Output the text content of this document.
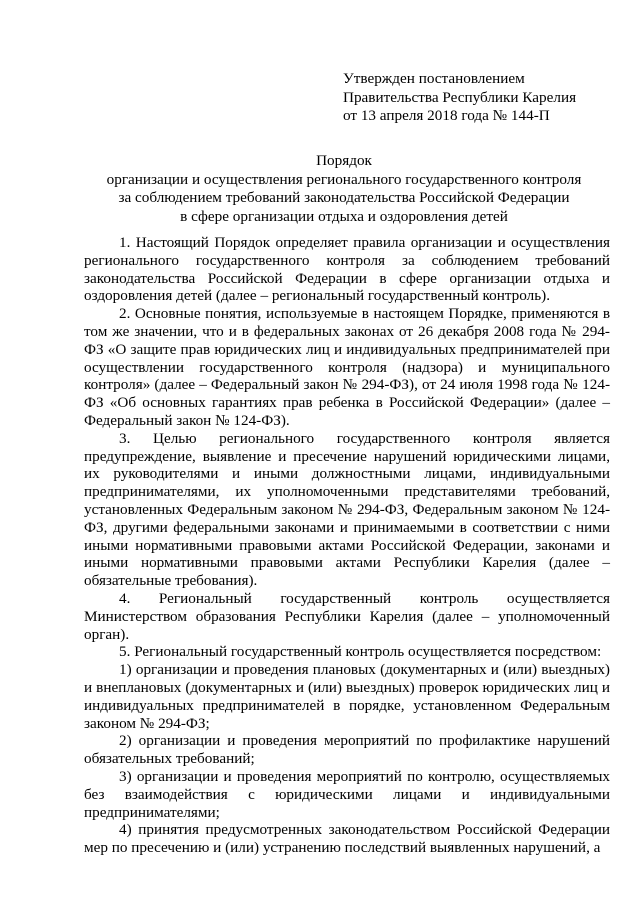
Утвержден постановлением
Правительства Республики Карелия
от 13 апреля 2018 года № 144-П
Порядок
организации и осуществления регионального государственного контроля
за соблюдением требований законодательства Российской Федерации
в сфере организации отдыха и оздоровления детей

1. Настоящий Порядок определяет правила организации и осуществления регионального государственного контроля за соблюдением требований законодательства Российской Федерации в сфере организации отдыха и оздоровления детей (далее – региональный государственный контроль).

2. Основные понятия, используемые в настоящем Порядке, применяются в том же значении, что и в федеральных законах от 26 декабря 2008 года № 294-ФЗ «О защите прав юридических лиц и индивидуальных предпринимателей при осуществлении государственного контроля (надзора) и муниципального контроля» (далее – Федеральный закон № 294-ФЗ), от 24 июля 1998 года № 124-ФЗ «Об основных гарантиях прав ребенка в Российской Федерации» (далее – Федеральный закон № 124-ФЗ).

3. Целью регионального государственного контроля является предупреждение, выявление и пресечение нарушений юридическими лицами, их руководителями и иными должностными лицами, индивидуальными предпринимателями, их уполномоченными представителями требований, установленных Федеральным законом № 294-ФЗ, Федеральным законом № 124-ФЗ, другими федеральными законами и принимаемыми в соответствии с ними иными нормативными правовыми актами Российской Федерации, законами и иными нормативными правовыми актами Республики Карелия (далее – обязательные требования).

4. Региональный государственный контроль осуществляется Министерством образования Республики Карелия (далее – уполномоченный орган).

5. Региональный государственный контроль осуществляется посредством:

1) организации и проведения плановых (документарных и (или) выездных) и внеплановых (документарных и (или) выездных) проверок юридических лиц и индивидуальных предпринимателей в порядке, установленном Федеральным законом № 294-ФЗ;

2) организации и проведения мероприятий по профилактике нарушений обязательных требований;

3) организации и проведения мероприятий по контролю, осуществляемых без взаимодействия с юридическими лицами и индивидуальными предпринимателями;

4) принятия предусмотренных законодательством Российской Федерации мер по пресечению и (или) устранению последствий выявленных нарушений, а
